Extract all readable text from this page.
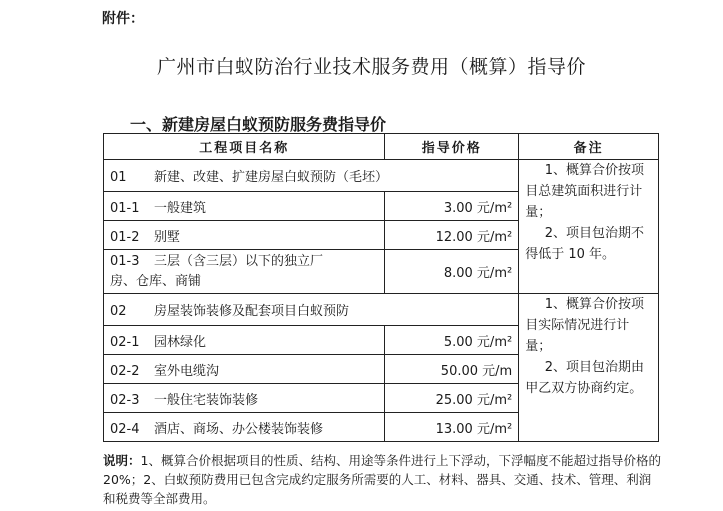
附件：
广州市白蚁防治行业技术服务费用（概算）指导价
一、新建房屋白蚁预防服务费指导价
工程项目名称	指导价格	备注
01 新建、改建、扩建房屋白蚁预防（毛坯）		1、概算合价按项目总建筑面积进行计量；

2、项目包治期不得低于 10 年。

01-1 一般建筑	3.00 元/m²	
01-2 别墅	12.00 元/m²	
01-3 三层（含三层）以下的独立厂
房、仓库、商铺	8.00 元/m²	
02 房屋装饰装修及配套项目白蚁预防		1、概算合价按项目实际情况进行计量；

2、项目包治期由甲乙双方协商约定。

02-1 园林绿化	5.00 元/m²	
02-2 室外电缆沟	50.00 元/m	
02-3 一般住宅装饰装修	25.00 元/m²	
02-4 酒店、商场、办公楼装饰装修	13.00 元/m²	
说明：1、概算合价根据项目的性质、结构、用途等条件进行上下浮动，下浮幅度不能超过指导价格的 20%；2、白蚁预防费用已包含完成约定服务所需要的人工、材料、器具、交通、技术、管理、利润和税费等全部费用。
